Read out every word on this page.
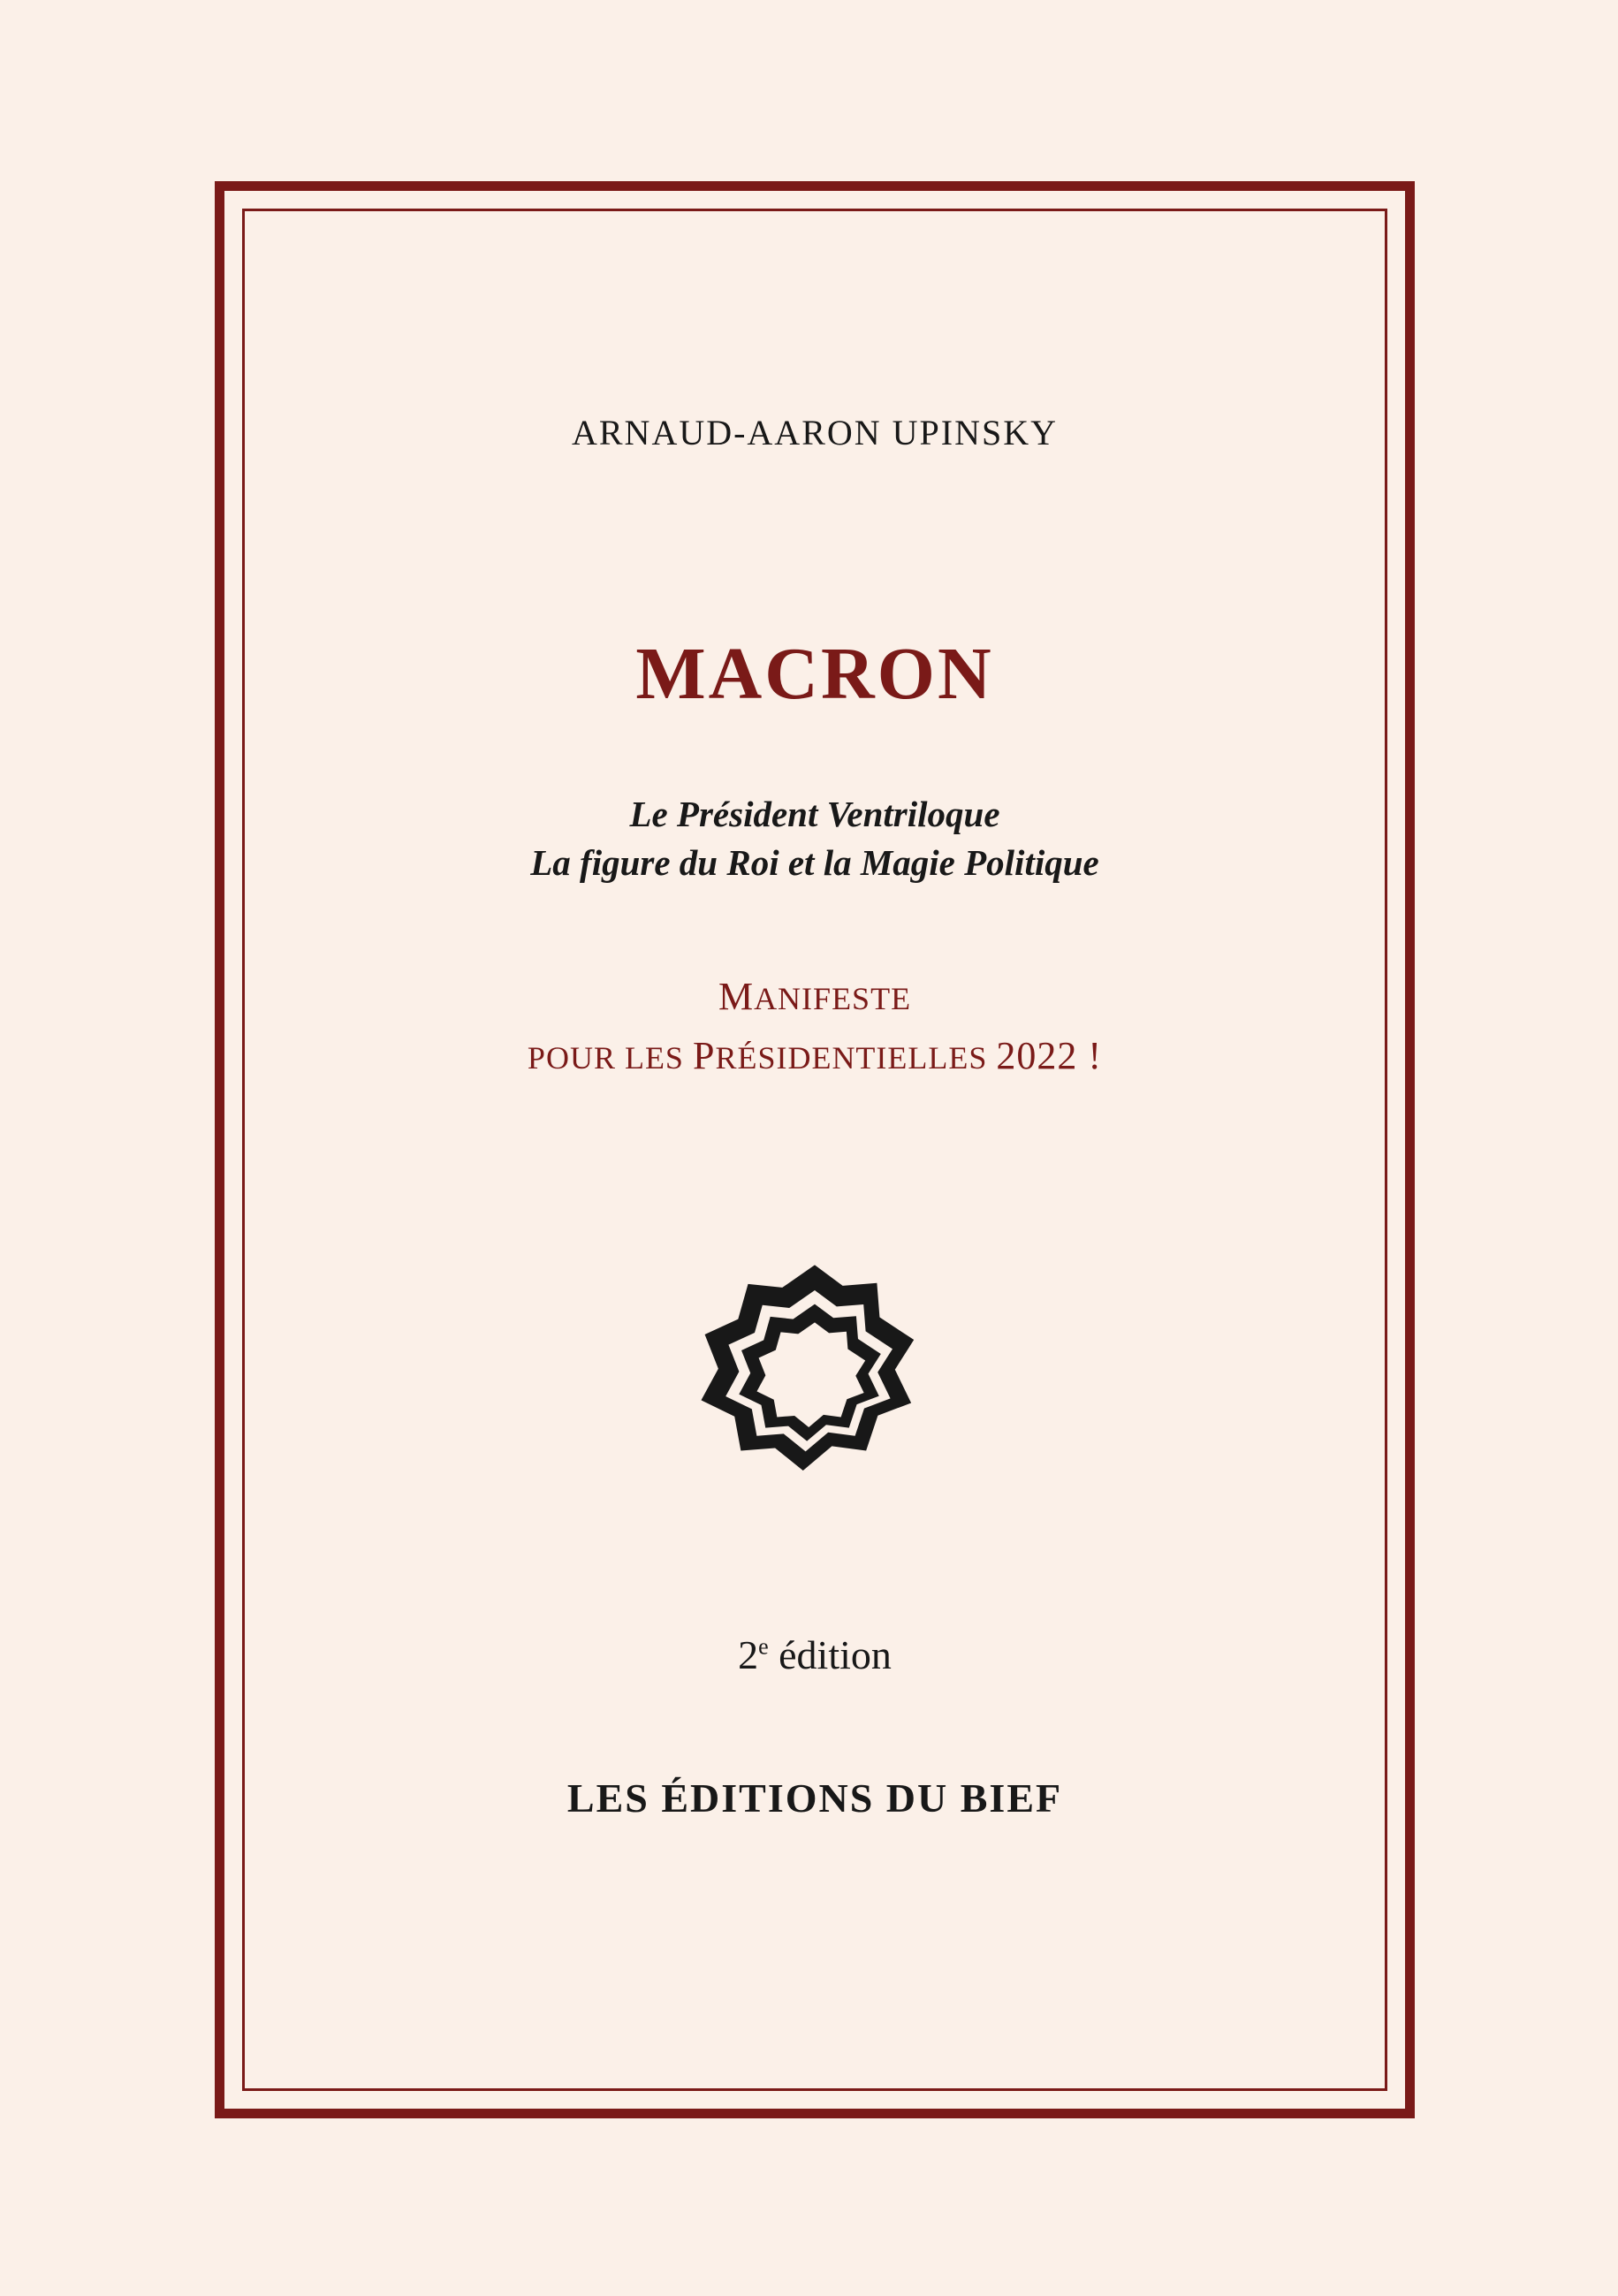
ARNAUD-AARON UPINSKY
MACRON
Le Président Ventriloque
La figure du Roi et la Magie Politique
MANIFESTE
POUR LES PRÉSIDENTIELLES 2022 !
2e édition
LES ÉDITIONS DU BIEF
